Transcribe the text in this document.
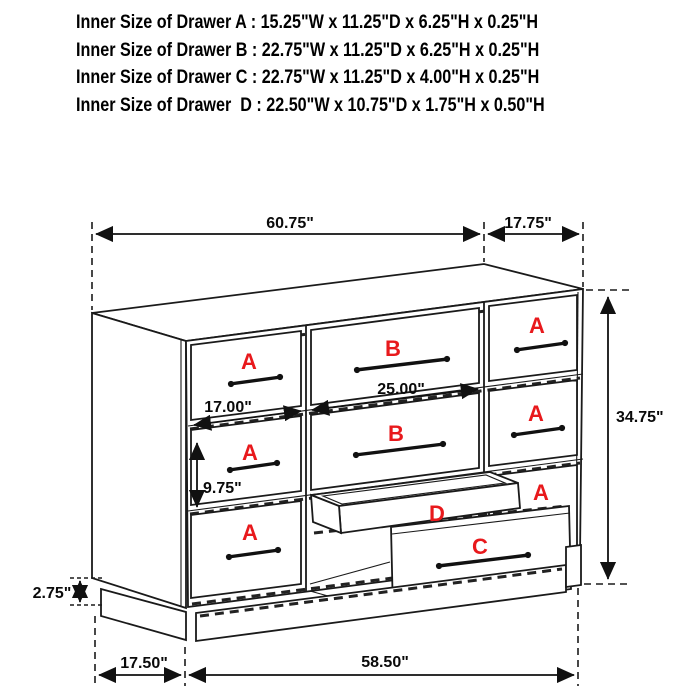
Inner Size of Drawer A : 15.25"W x 11.25"D x 6.25"H x 0.25"H

Inner Size of Drawer B : 22.75"W x 11.25"D x 6.25"H x 0.25"H

Inner Size of Drawer C : 22.75"W x 11.25"D x 4.00"H x 0.25"H

Inner Size of Drawer  D : 22.50"W x 10.75"D x 1.75"H x 0.50"H

60.75"	17.75"
A
A
A
B
B
A
A
A
C
D
34.75"
17.00"
25.00"
9.75"
2.75"
17.50"	58.50"
